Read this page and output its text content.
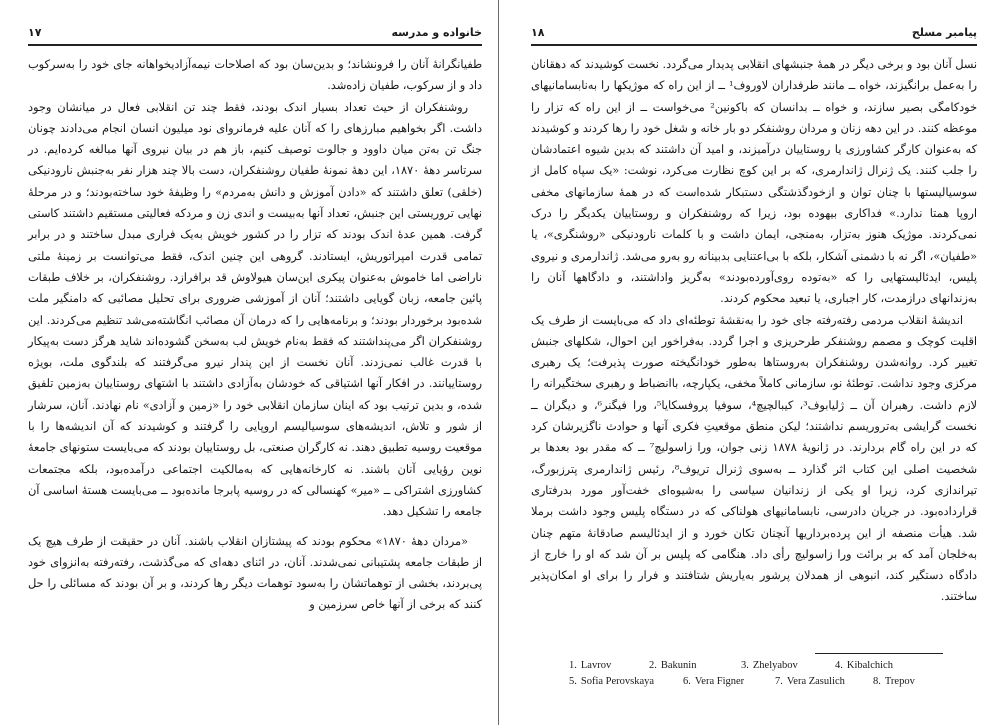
خانواده و مدرسه
۱۷

طفیانگرانهٔ آنان را فرونشاند؛ و بدین‌سان بود که اصلاحات نیمه‌آزادیخواهانه جای خود را به‌سرکوب داد و از سرکوب، طفیان زاده‌شد.

روشنفکران از حیث تعداد بسیار اندک بودند، فقط چند تن انقلابی فعال در میانشان وجود داشت. اگر بخواهیم مبارزهای را که آنان علیه فرمانروای نود میلیون انسان انجام می‌دادند چونان جنگ تن به‌تن میان داوود و جالوت توصیف کنیم، باز هم در بیان نیروی آنها مبالغه کرده‌ایم. در سرتاسر دههٔ ۱۸۷۰، این دههٔ نمونهٔ طفیان روشنفکران، دست بالا چند هزار نفر به‌جنبش نارودنیکی (خلقی) تعلق داشتند که «دادن آموزش و دانش به‌مردم» را وظیفهٔ خود ساخته‌بودند؛ و در مرحلهٔ نهایی تروریستی این جنبش، تعداد آنها به‌بیست و اندی زن و مردکه فعالیتی مستقیم داشتند کاستی گرفت. همین عدهٔ اندک بودند که تزار را در کشور خویش به‌یک فراری مبدل ساختند و در برابر تمامی قدرت امپراتوریش، ایستادند. گروهی این چنین اندک، فقط می‌توانست بر زمینهٔ ملتی ناراضی اما خاموش به‌عنوان پیکری این‌سان هیولاوش قد برافرازد. روشنفکران، بر خلاف طبقات پائین جامعه، زبان گویایی داشتند؛ آنان از آموزشی ضروری برای تحلیل مصائبی که دامنگیر ملت شده‌بود برخوردار بودند؛ و برنامه‌هایی را که درمان آن مصائب انگاشته‌می‌شد تنظیم می‌کردند. این روشنفکران اگر می‌پنداشتند که فقط به‌نام خویش لب به‌سخن گشوده‌اند شاید هرگز دست به‌پیکار با قدرت غالب نمی‌زدند. آنان نخست از این پندار نیرو می‌گرفتند که بلندگوی ملت، بویژه روستاییانند. در افکار آنها اشتیاقی که خودشان به‌آزادی داشتند با اشتهای روستاییان به‌زمین تلفیق شده، و بدین ترتیب بود که اینان سازمان انقلابی خود را «زمین و آزادی» نام نهادند. آنان، سرشار از شور و تلاش، اندیشه‌های سوسیالیسم اروپایی را گرفتند و کوشیدند که آن اندیشه‌ها را با موقعیت روسیه تطبیق دهند. نه کارگران صنعتی، بل روستاییان بودند که می‌بایست ستونهای جامعهٔ نوین رؤیایی آنان باشند. نه کارخانه‌هایی که به‌مالکیت اجتماعی درآمده‌بود، بلکه مجتمعات کشاورزی اشتراکی ــ «میر» کهنسالی که در روسیه پابرجا مانده‌بود ــ می‌بایست هستهٔ اساسی آن جامعه را تشکیل دهد.

«مردان دههٔ ۱۸۷۰» محکوم بودند که پیشتازان انقلاب باشند. آنان در حقیقت از طرف هیچ یک از طبقات جامعه پشتیبانی نمی‌شدند. آنان، در اثنای دهه‌ای که می‌گذشت، رفته‌رفته به‌انزوای خود پی‌بردند، بخشی از توهماتشان را به‌سود توهمات دیگر رها کردند، و بر آن بودند که مسائلی را حل کنند که برخی از آنها خاص سرزمین و

پیامبر مسلح
۱۸

نسل آنان بود و برخی دیگر در همهٔ جنبشهای انقلابی پدیدار می‌گردد. نخست کوشیدند که دهقانان را به‌عمل برانگیزند، خواه ــ مانند طرفداران لاوروف¹ ــ از این راه که موژیکها را به‌نابسامانیهای خودکامگی بصیر سازند، و خواه ــ بدانسان که باکونین² می‌خواست ــ از این راه که تزار را موعظه کنند. در این دهه زنان و مردان روشنفکر دو بار خانه و شغل خود را رها کردند و کوشیدند که به‌عنوان کارگر کشاورزی یا روستاییان درآمیزند، و امید آن داشتند که بدین شیوه اعتمادشان را جلب کنند. یک ژنرال ژاندارمری، که بر این کوچ نظارت می‌کرد، نوشت: «یک سپاه کامل از سوسیالیستها با چنان توان و ازخودگذشتگی دستبکار شده‌است که در همهٔ سازمانهای مخفی اروپا همتا ندارد.» فداکاری بیهوده بود، زیرا که روشنفکران و روستاییان یکدیگر را درک نمی‌کردند. موژیک هنوز به‌تزار، به‌منجی، ایمان داشت و با کلمات نارودنیکی «روشنگری»، یا «طفیان»، اگر نه با دشمنی آشکار، بلکه با بی‌اعتنایی بدبینانه رو به‌رو می‌شد. ژاندارمری و نیروی پلیس، ایدئالیستهایی را که «به‌توده روی‌آورده‌بودند» به‌گریز واداشتند، و دادگاهها آنان را به‌زندانهای درازمدت، کار اجباری، یا تبعید محکوم کردند.

اندیشهٔ انقلاب مردمی رفته‌رفته جای خود را به‌نقشهٔ توطئه‌ای داد که می‌بایست از طرف یک اقلیت کوچک و مصمم روشنفکر طرحریزی و اجرا گردد. به‌فراخور این احوال، شکلهای جنبش تغییر کرد. روانه‌شدن روشنفکران به‌روستاها به‌طور خودانگیخته صورت پذیرفت؛ یک رهبری مرکزی وجود نداشت. توطئهٔ نو، سازمانی کاملاً مخفی، یکپارچه، باانضباط و رهبری سختگیرانه را لازم داشت. رهبران آن ــ ژلیابوف³، کیبالچیچ⁴، سوفیا پروفسکایا⁵، ورا فیگنر⁶، و دیگران ــ نخست گرایشی به‌تروریسم نداشتند؛ لیکن منطق موقعیتِ فکری آنها و حوادث ناگزیرشان کرد که در این راه گام بردارند. در ژانویهٔ ۱۸۷۸ زنی جوان، ورا زاسولیچ⁷ ــ که مقدر بود بعدها بر شخصیت اصلی این کتاب اثر گذارد ــ به‌سوی ژنرال تریوف⁸، رئیس ژاندارمری پترزبورگ، تیراندازی کرد، زیرا او یکی از زندانیان سیاسی را به‌شیوه‌ای خفت‌آور مورد بدرفتاری قرارداده‌بود. در جریان دادرسی، نابسامانیهای هولناکی که در دستگاه پلیس وجود داشت برملا شد. هیأت منصفه از این پرده‌برداریها آنچنان تکان خورد و از ایدئالیسم صادقانهٔ متهم چنان به‌خلجان آمد که بر برائت ورا زاسولیچ رأی داد. هنگامی که پلیس بر آن شد که او را خارج از دادگاه دستگیر کند، انبوهی از همدلان پرشور به‌یاریش شتافتند و فرار را برای او امکان‌پذیر ساختند.

1. Lavrov	2. Bakunin	3. Zhelyabov	4. Kibalchich
5. Sofia Perovskaya	6. Vera Figner	7. Vera Zasulich	8. Trepov
